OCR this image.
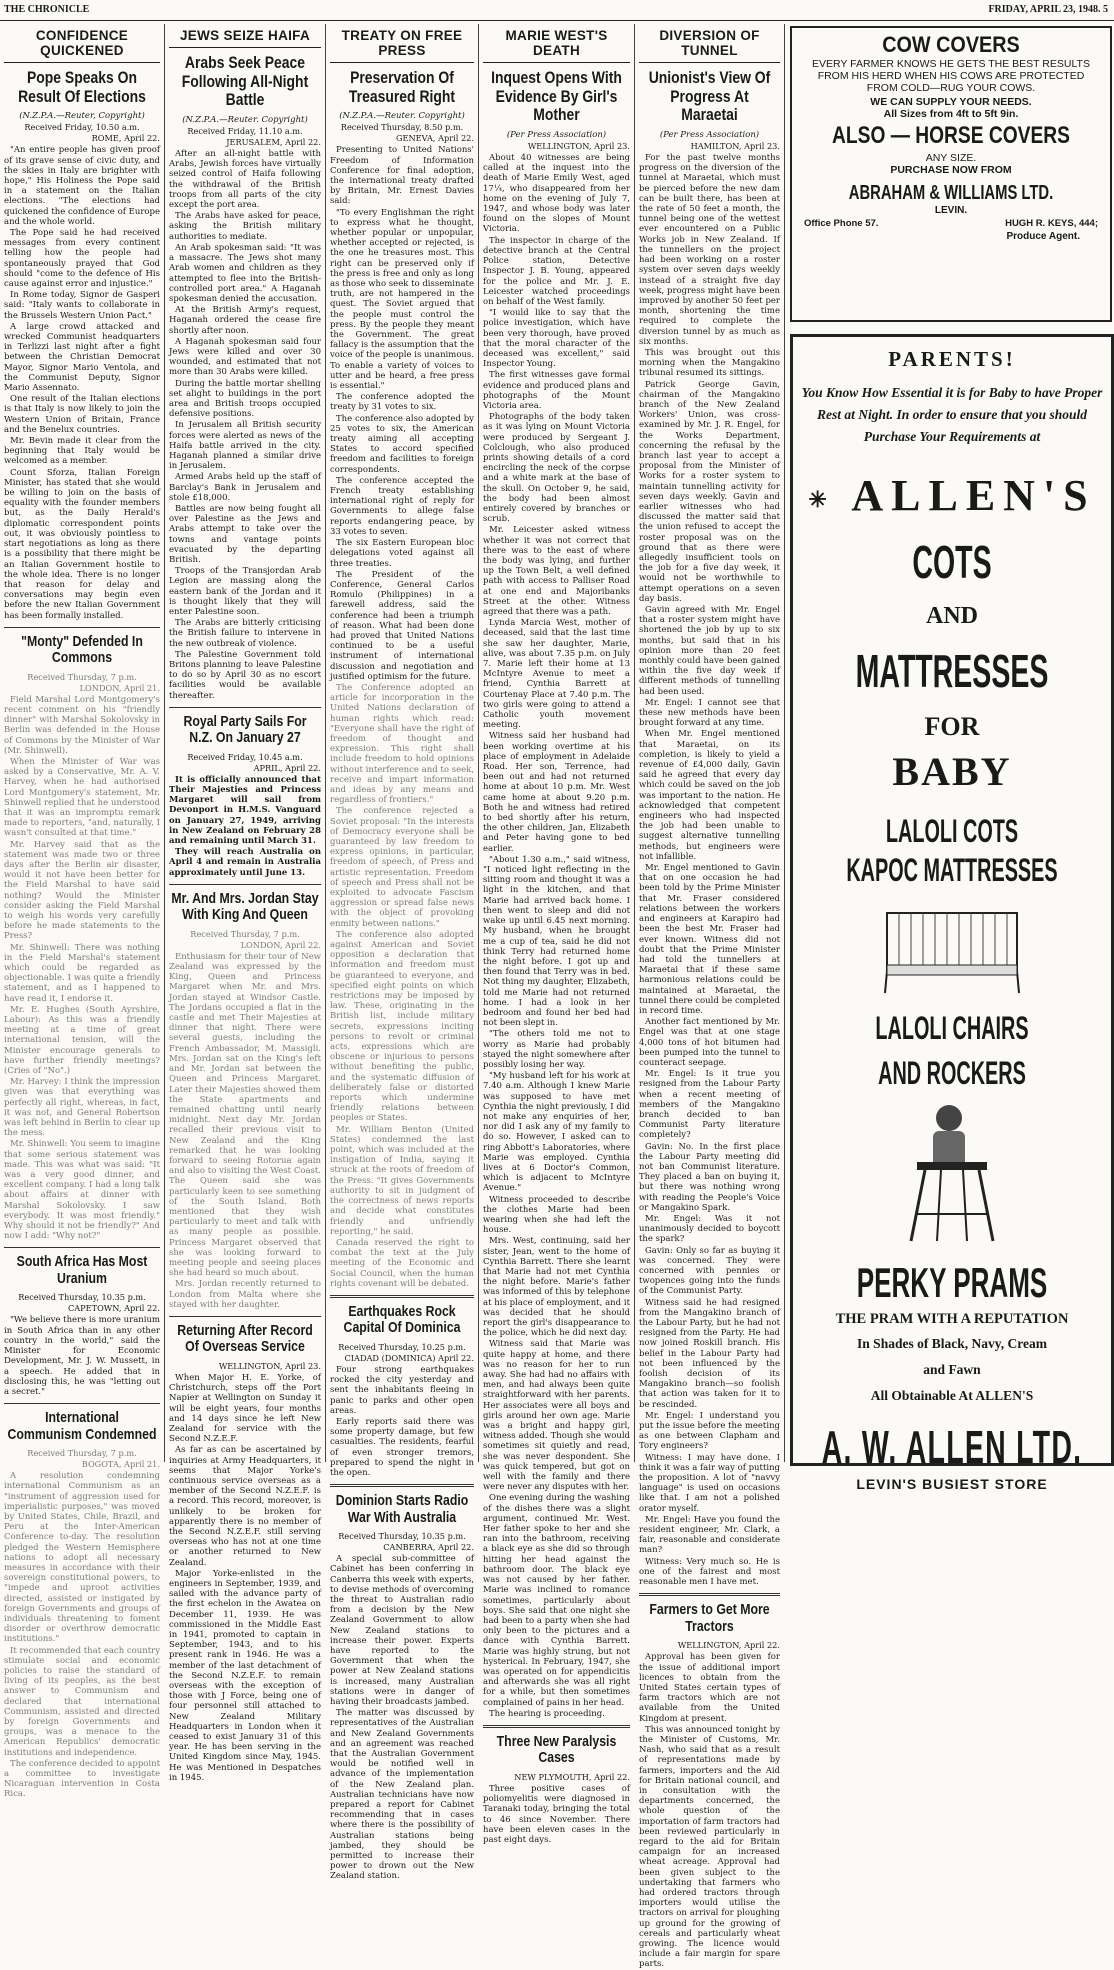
THE CHRONICLE	FRIDAY, APRIL 23, 1948. 5
CONFIDENCE QUICKENED
Pope Speaks On Result Of Elections
(N.Z.P.A.—Reuter, Copyright)
Received Friday, 10.50 a.m.
ROME, April 22.

"An entire people has given proof of its grave sense of civic duty, and the skies in Italy are brighter with hope," His Holiness the Pope said in a statement on the Italian elections. "The elections had quickened the confidence of Europe and the whole world.

The Pope said he had received messages from every continent telling how the people had spontaneously prayed that God should "come to the defence of His cause against error and injustice."

In Rome today, Signor de Gasperi said: "Italy wants to collaborate in the Brussels Western Union Pact."

A large crowd attacked and wrecked Communist headquarters in Terlizzi last night after a fight between the Christian Democrat Mayor, Signor Mario Ventola, and the Communist Deputy, Signor Mario Assennato.

One result of the Italian elections is that Italy is now likely to join the Western Union of Britain, France and the Benelux countries.

Mr. Bevin made it clear from the beginning that Italy would be welcomed as a member.

Count Sforza, Italian Foreign Minister, has stated that she would be willing to join on the basis of equality with the founder members but, as the Daily Herald's diplomatic correspondent points out, it was obviously pointless to start negotiations as long as there is a possibility that there might be an Italian Government hostile to the whole idea. There is no longer that reason for delay and conversations may begin even before the new Italian Government has been formally installed.

"Monty" Defended In Commons
Received Thursday, 7 p.m.
LONDON, April 21.

Field Marshal Lord Montgomery's recent comment on his "friendly dinner" with Marshal Sokolovsky in Berlin was defended in the House of Commons by the Minister of War (Mr. Shinwell).

When the Minister of War was asked by a Conservative, Mr. A. V. Harvey, when he had authorised Lord Montgomery's statement, Mr. Shinwell replied that he understood that it was an impromptu remark made to reporters, "and, naturally, I wasn't consulted at that time."

Mr. Harvey said that as the statement was made two or three days after the Berlin air disaster, would it not have been better for the Field Marshal to have said nothing? Would the Minister consider asking the Field Marshal to weigh his words very carefully before he made statements to the Press?

Mr. Shinwell: There was nothing in the Field Marshal's statement which could be regarded as objectionable. I was quite a friendly statement, and as I happened to have read it, I endorse it.

Mr. E. Hughes (South Ayrshire, Labour): As this was a friendly meeting at a time of great international tension, will the Minister encourage generals to have further friendly meetings? (Cries of "No".)

Mr. Harvey: I think the impression given was that everything was perfectly all right, whereas, in fact, it was not, and General Robertson was left behind in Berlin to clear up the mess.

Mr. Shinwell: You seem to imagine that some serious statement was made. This was what was said: "It was a very good dinner, and excellent company. I had a long talk about affairs at dinner with Marshal Sokolovsky. I saw everybody. It was most friendly." Why should it not be friendly?" And now I add: "Why not?"

South Africa Has Most Uranium
Received Thursday, 10.35 p.m.
CAPETOWN, April 22.

"We believe there is more uranium in South Africa than in any other country in the world," said the Minister for Economic Development, Mr. J. W. Mussett, in a speech. He added that in disclosing this, he was "letting out a secret."

International Communism Condemned
Received Thursday, 7 p.m.
BOGOTA, April 21.

A resolution condemning international Communism as an "instrument of aggression used for imperialistic purposes," was moved by United States, Chile, Brazil, and Peru at the Inter-American Conference to-day. The resolution pledged the Western Hemisphere nations to adopt all necessary measures in accordance with their sovereign constitutional powers, to "impede and uproot activities directed, assisted or instigated by foreign Governments and groups of individuals threatening to foment disorder or overthrow democratic institutions."

It recommended that each country stimulate social and economic policies to raise the standard of living of its peoples, as the best answer to Communism and declared that international Communism, assisted and directed by foreign Governments and groups, was a menace to the American Republics' democratic institutions and independence.

The conference decided to appoint a committee to investigate Nicaraguan intervention in Costa Rica.

JEWS SEIZE HAIFA
Arabs Seek Peace Following All-Night Battle
(N.Z.P.A.—Reuter. Copyright)
Received Friday, 11.10 a.m.
JERUSALEM, April 22.

After an all-night battle with Arabs, Jewish forces have virtually seized control of Haifa following the withdrawal of the British troops from all parts of the city except the port area.

The Arabs have asked for peace, asking the British military authorities to mediate.

An Arab spokesman said: "It was a massacre. The Jews shot many Arab women and children as they attempted to flee into the British-controlled port area." A Haganah spokesman denied the accusation.

At the British Army's request, Haganah ordered the cease fire shortly after noon.

A Haganah spokesman said four Jews were killed and over 30 wounded, and estimated that not more than 30 Arabs were killed.

During the battle mortar shelling set alight to buildings in the port area and British troops occupied defensive positions.

In Jerusalem all British security forces were alerted as news of the Haifa battle arrived in the city. Haganah planned a similar drive in Jerusalem.

Armed Arabs held up the staff of Barclay's Bank in Jerusalem and stole £18,000.

Battles are now being fought all over Palestine as the Jews and Arabs attempt to take over the towns and vantage points evacuated by the departing British.

Troops of the Transjordan Arab Legion are massing along the eastern bank of the Jordan and it is thought likely that they will enter Palestine soon.

The Arabs are bitterly criticising the British failure to intervene in the new outbreak of violence.

The Palestine Government told Britons planning to leave Palestine to do so by April 30 as no escort facilities would be available thereafter.

Royal Party Sails For N.Z. On January 27
Received Friday, 10.45 a.m.
APRIL, April 22.

It is officially announced that Their Majesties and Princess Margaret will sail from Devonport in H.M.S. Vanguard on January 27, 1949, arriving in New Zealand on February 28 and remaining until March 31.

They will reach Australia on April 4 and remain in Australia approximately until June 13.

Mr. And Mrs. Jordan Stay With King And Queen
Received Thursday, 7 p.m.
LONDON, April 22.

Enthusiasm for their tour of New Zealand was expressed by the King, Queen and Princess Margaret when Mr. and Mrs. Jordan stayed at Windsor Castle. The Jordans occupied a flat in the castle and met Their Majesties at dinner that night. There were several guests, including the French Ambassador, M. Massigli. Mrs. Jordan sat on the King's left and Mr. Jordan sat between the Queen and Princess Margaret. Later their Majesties showed them the State apartments and remained chatting until nearly midnight. Next day Mr. Jordan recalled their previous visit to New Zealand and the King remarked that he was looking forward to seeing Rotorua again and also to visiting the West Coast. The Queen said she was particularly keen to see something of the South Island. Both mentioned that they wish particularly to meet and talk with as many people as possible. Princess Margaret observed that she was looking forward to meeting people and seeing places she had heard so much about.

Mrs. Jordan recently returned to London from Malta where she stayed with her daughter.

Returning After Record Of Overseas Service
WELLINGTON, April 23.

When Major H. E. Yorke, of Christchurch, steps off the Port Napier at Wellington on Sunday it will be eight years, four months and 14 days since he left New Zealand for service with the Second N.Z.E.F.

As far as can be ascertained by inquiries at Army Headquarters, it seems that Major Yorke's continuous service overseas as a member of the Second N.Z.E.F. is a record. This record, moreover, is unlikely to be broken for apparently there is no member of the Second N.Z.E.F. still serving overseas who has not at one time or another returned to New Zealand.

Major Yorke-enlisted in the engineers in September, 1939, and sailed with the advance party of the first echelon in the Awatea on December 11, 1939. He was commissioned in the Middle East in 1941, promoted to captain in September, 1943, and to his present rank in 1946. He was a member of the last detachment of the Second N.Z.E.F. to remain overseas with the exception of those with J Force, being one of four personnel still attached to New Zealand Military Headquarters in London when it ceased to exist January 31 of this year. He has been serving in the United Kingdom since May, 1945. He was Mentioned in Despatches in 1945.

TREATY ON FREE PRESS
Preservation Of Treasured Right
(N.Z.P.A.—Reuter. Copyright)
Received Thursday, 8.50 p.m.
GENEVA, April 22.

Presenting to United Nations' Freedom of Information Conference for final adoption, the international treaty drafted by Britain, Mr. Ernest Davies said:

"To every Englishman the right to express what he thought, whether popular or unpopular, whether accepted or rejected, is the one he treasures most. This right can be preserved only if the press is free and only as long as those who seek to disseminate truth, are not hampered in the quest. The Soviet argued that the people must control the press. By the people they meant the Government. The great fallacy is the assumption that the voice of the people is unanimous. To enable a variety of voices to utter and be heard, a free press is essential."

The conference adopted the treaty by 31 votes to six.

The conference also adopted by 25 votes to six, the American treaty aiming all accepting States to accord specified freedom and facilities to foreign correspondents.

The conference accepted the French treaty establishing international right of reply for Governments to allege false reports endangering peace, by 33 votes to seven.

The six Eastern European bloc delegations voted against all three treaties.

The President of the Conference, General Carlos Romulo (Philippines) in a farewell address, said the conference had been a triumph of reason. What had been done had proved that United Nations continued to be a useful instrument of international discussion and negotiation and justified optimism for the future.

The Conference adopted an article for incorporation in the United Nations declaration of human rights which read: "Everyone shall have the right of freedom of thought and expression. This right shall include freedom to hold opinions without interference and to seek, receive and impart information and ideas by any means and regardless of frontiers."

The conference rejected a Soviet proposal: "In the interests of Democracy everyone shall be guaranteed by law freedom to express opinions, in particular, freedom of speech, of Press and artistic representation. Freedom of speech and Press shall not be exploited to advocate Fascism aggression or spread false news with the object of provoking enmity between nations."

The conference also adopted against American and Soviet opposition a declaration that information and freedom must be guaranteed to everyone, and specified eight points on which restrictions may be imposed by law. These, originating in the British list, include military secrets, expressions inciting persons to revolt or criminal acts, expressions which are obscene or injurious to persons without benefiting the public, and the systematic diffusion of deliberately false or distorted reports which undermine friendly relations between peoples or States.

Mr. William Benton (United States) condemned the last point, which was included at the instigation of India, saying it struck at the roots of freedom of the Press. "It gives Governments authority to sit in judgment of the correctness of news reports and decide what constitutes friendly and unfriendly reporting," he said.

Canada reserved the right to combat the text at the July meeting of the Economic and Social Council, when the human rights covenant will be debated.

Earthquakes Rock Capital Of Dominica
Received Thursday, 10.25 p.m.
CIADAD (DOMINICA) April 22.

Four strong earthquakes rocked the city yesterday and sent the inhabitants fleeing in panic to parks and other open areas.

Early reports said there was some property damage, but few casualties. The residents, fearful of even stronger tremors, prepared to spend the night in the open.

Dominion Starts Radio War With Australia
Received Thursday, 10.35 p.m.
CANBERRA, April 22.

A special sub-committee of Cabinet has been conferring in Canberra this week with experts, to devise methods of overcoming the threat to Australian radio from a decision by the New Zealand Government to allow New Zealand stations to increase their power. Experts have reported to the Government that when the power at New Zealand stations is increased, many Australian stations were in danger of having their broadcasts jambed.

The matter was discussed by representatives of the Australian and New Zealand Governments and an agreement was reached that the Australian Government would be notified well in advance of the implementation of the New Zealand plan. Australian technicians have now prepared a report for Cabinet recommending that in cases where there is the possibility of Australian stations being jambed, they should be permitted to increase their power to drown out the New Zealand station.

MARIE WEST'S DEATH
Inquest Opens With Evidence By Girl's Mother
(Per Press Association)
WELLINGTON, April 23.

About 40 witnesses are being called at the inquest into the death of Marie Emily West, aged 17¼, who disappeared from her home on the evening of July 7, 1947, and whose body was later found on the slopes of Mount Victoria.

The inspector in charge of the detective branch at the Central Police station, Detective Inspector J. B. Young, appeared for the police and Mr. J. E. Leicester watched proceedings on behalf of the West family.

"I would like to say that the police investigation, which have been very thorough, have proved that the moral character of the deceased was excellent," said Inspector Young.

The first witnesses gave formal evidence and produced plans and photographs of the Mount Victoria area.

Photographs of the body taken as it was lying on Mount Victoria were produced by Sergeant J. Colclough, who also produced prints showing details of a cord encircling the neck of the corpse and a white mark at the base of the skull. On October 9, he said, the body had been almost entirely covered by branches or scrub.

Mr. Leicester asked witness whether it was not correct that there was to the east of where the body was lying, and further up the Town Belt, a well defined path with access to Palliser Road at one end and Majoribanks Street at the other. Witness agreed that there was a path.

Lynda Marcia West, mother of deceased, said that the last time she saw her daughter, Marie, alive, was about 7.35 p.m. on July 7. Marie left their home at 13 McIntyre Avenue to meet a friend, Cynthia Barrett at Courtenay Place at 7.40 p.m. The two girls were going to attend a Catholic youth movement meeting.

Witness said her husband had been working overtime at his place of employment in Adelaide Road. Her son, Terrence, had been out and had not returned home at about 10 p.m. Mr. West came home at about 9.20 p.m. Both he and witness had retired to bed shortly after his return, the other children, Jan, Elizabeth and Peter having gone to bed earlier.

"About 1.30 a.m.," said witness, "I noticed light reflecting in the sitting room and thought it was a light in the kitchen, and that Marie had arrived back home. I then went to sleep and did not wake up until 6.45 next morning. My husband, when he brought me a cup of tea, said he did not think Terry had returned home the night before. I got up and then found that Terry was in bed. Not thing my daughter, Elizabeth, told me Marie had not returned home. I had a look in her bedroom and found her bed had not been slept in.

"The others told me not to worry as Marie had probably stayed the night somewhere after possibly losing her way.

"My husband left for his work at 7.40 a.m. Although I knew Marie was supposed to have met Cynthia the night previously, I did not make any enquiries of her, nor did I ask any of my family to do so. However, I asked can to ring Abbott's Laboratories, where Marie was employed. Cynthia lives at 6 Doctor's Common, which is adjacent to McIntyre Avenue."

Witness proceeded to describe the clothes Marie had been wearing when she had left the house.

Mrs. West, continuing, said her sister, Jean, went to the home of Cynthia Barrett. There she learnt that Marie had not met Cynthia the night before. Marie's father was informed of this by telephone at his place of employment, and it was decided that he should report the girl's disappearance to the police, which he did next day.

Witness said that Marie was quite happy at home, and there was no reason for her to run away. She had had no affairs with men, and had always been quite straightforward with her parents. Her associates were all boys and girls around her own age. Marie was a bright and happy girl, witness added. Though she would sometimes sit quietly and read, she was never despondent. She was quick tempered, but got on well with the family and there were never any disputes with her.

One evening during the washing of the dishes there was a slight argument, continued Mr. West. Her father spoke to her and she ran into the bathroom, receiving a black eye as she did so through hitting her head against the bathroom door. The black eye was not caused by her father. Marie was inclined to romance sometimes, particularly about boys. She said that one night she had been to a party when she had only been to the pictures and a dance with Cynthia Barrett. Marie was highly strung, but not hysterical. In February, 1947, she was operated on for appendicitis and afterwards she was all right for a while, but then sometimes complained of pains in her head.

The hearing is proceeding.

Three New Paralysis Cases
NEW PLYMOUTH, April 22.

Three positive cases of poliomyelitis were diagnosed in Taranaki today, bringing the total to 46 since November. There have been eleven cases in the past eight days.

DIVERSION OF TUNNEL
Unionist's View Of Progress At Maraetai
(Per Press Association)
HAMILTON, April 23.

For the past twelve months progress on the diversion of the tunnel at Maraetai, which must be pierced before the new dam can be built there, has been at the rate of 50 feet a month, the tunnel being one of the wettest ever encountered on a Public Works job in New Zealand. If the tunnellers on the project had been working on a roster system over seven days weekly instead of a straight five day week, progress might have been improved by another 50 feet per month, shortening the time required to complete the diversion tunnel by as much as six months.

This was brought out this morning when the Mangakino tribunal resumed its sittings.

Patrick George Gavin, chairman of the Mangakino branch of the New Zealand Workers' Union, was cross-examined by Mr. J. R. Engel, for the Works Department, concerning the refusal by the branch last year to accept a proposal from the Minister of Works for a roster system to maintain tunnelling activity for seven days weekly. Gavin and earlier witnesses who had discussed the matter said that the union refused to accept the roster proposal was on the ground that as there were allegedly insufficient tools on the job for a five day week, it would not be worthwhile to attempt operations on a seven day basis.

Gavin agreed with Mr. Engel that a roster system might have shortened the job by up to six months, but said that in his opinion more than 20 feet monthly could have been gained within the five day week if different methods of tunnelling had been used.

Mr. Engel: I cannot see that these new methods have been brought forward at any time.

When Mr. Engel mentioned that Maraetai, on its completion, is likely to yield a revenue of £4,000 daily, Gavin said he agreed that every day which could be saved on the job was important to the nation. He acknowledged that competent engineers who had inspected the job had been unable to suggest alternative tunnelling methods, but engineers were not infallible.

Mr. Engel mentioned to Gavin that on one occasion he had been told by the Prime Minister that Mr. Fraser considered relations between the workers and engineers at Karapiro had been the best Mr. Fraser had ever known. Witness did not doubt that the Prime Minister had told the tunnellers at Maraetai that if these same harmonious relations could be maintained at Maraetai, the tunnel there could be completed in record time.

Another fact mentioned by Mr. Engel was that at one stage 4,000 tons of hot bitumen had been pumped into the tunnel to counteract seepage.

Mr. Engel: Is it true you resigned from the Labour Party when a recent meeting of members of the Mangakino branch decided to ban Communist Party literature completely?

Gavin: No. In the first place the Labour Party meeting did not ban Communist literature. They placed a ban on buying it, but there was nothing wrong with reading the People's Voice or Mangakino Spark.

Mr. Engel: Was it not unanimously decided to boycott the spark?

Gavin: Only so far as buying it was concerned. They were concerned with pennies or twopences going into the funds of the Communist Party.

Witness said he had resigned from the Mangakino branch of the Labour Party, but he had not resigned from the Party. He had now joined Roskill branch. His belief in the Labour Party had not been influenced by the foolish decision of its Mangakino branch—so foolish that action was taken for it to be rescinded.

Mr. Engel: I understand you put the issue before the meeting as one between Clapham and Tory engineers?

Witness: I may have done. I think it was a fair way of putting the proposition. A lot of "navvy language" is used on occasions like that. I am not a polished orator myself.

Mr. Engel: Have you found the resident engineer, Mr. Clark, a fair, reasonable and considerate man?

Witness: Very much so. He is one of the fairest and most reasonable men I have met.

Farmers to Get More Tractors
WELLINGTON, April 22.

Approval has been given for the issue of additional import licences to obtain from the United States certain types of farm tractors which are not available from the United Kingdom at present.

This was announced tonight by the Minister of Customs, Mr. Nash, who said that as a result of representations made by farmers, importers and the Aid for Britain national council, and in consultation with the departments concerned, the whole question of the importation of farm tractors had been reviewed particularly in regard to the aid for Britain campaign for an increased wheat acreage. Approval had been given subject to the undertaking that farmers who had ordered tractors through importers would utilise the tractors on arrival for ploughing up ground for the growing of cereals and particularly wheat growing. The licence would include a fair margin for spare parts.

COW COVERS
EVERY FARMER KNOWS HE GETS THE BEST RESULTS FROM HIS HERD WHEN HIS COWS ARE PROTECTED FROM COLD—RUG YOUR COWS.
WE CAN SUPPLY YOUR NEEDS.
All Sizes from 4ft to 5ft 9in.
ALSO — HORSE COVERS
ANY SIZE.
PURCHASE NOW FROM
ABRAHAM & WILLIAMS LTD.
LEVIN.
Office Phone 57.	HUGH R. KEYS, 444;
Produce Agent.
PARENTS!
You Know How Essential it is for Baby to have Proper Rest at Night. In order to ensure that you should Purchase Your Requirements at
✳ ALLEN'S
COTS
AND
MATTRESSES
FOR
BABY
LALOLI COTS
KAPOC MATTRESSES
LALOLI CHAIRS
AND ROCKERS
PERKY PRAMS
THE PRAM WITH A REPUTATION
In Shades of Black, Navy, Cream
and Fawn
All Obtainable At ALLEN'S
A. W. ALLEN LTD.
LEVIN'S BUSIEST STORE
